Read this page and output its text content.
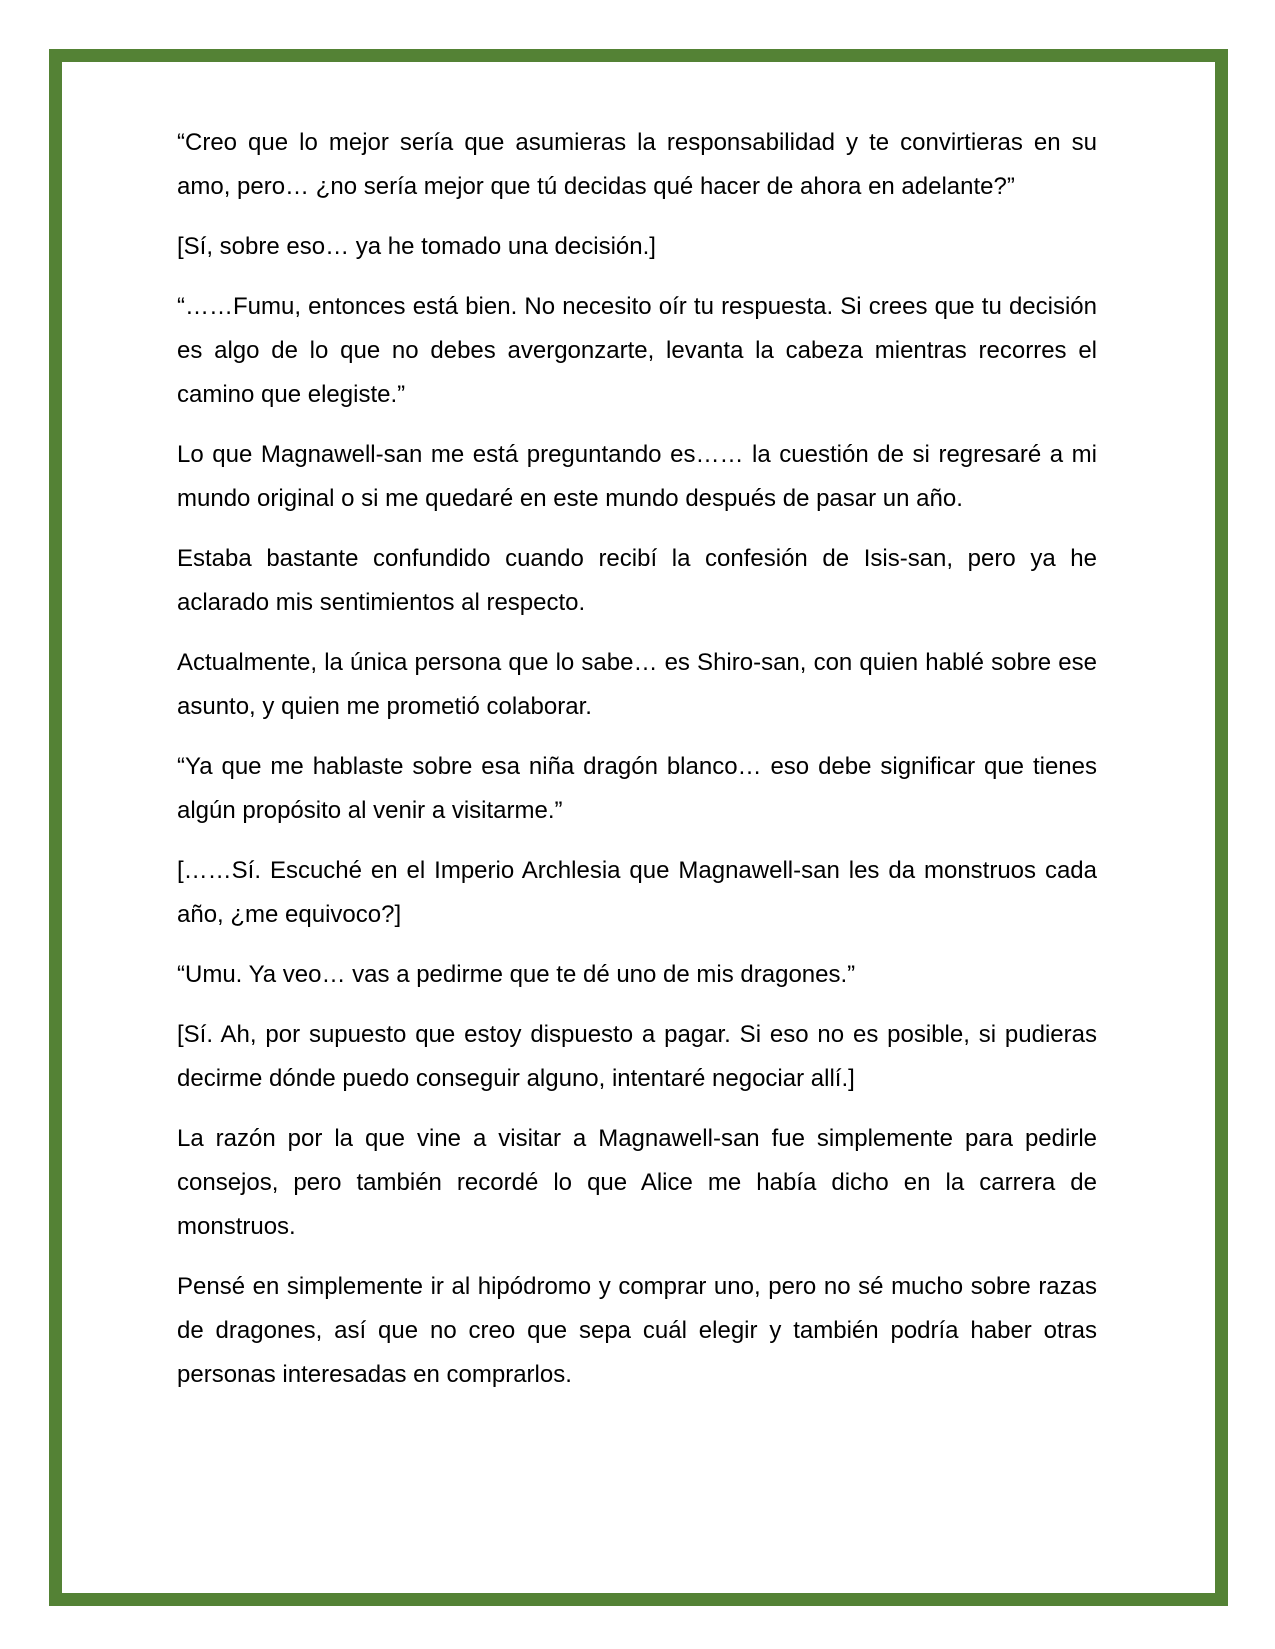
“Creo que lo mejor sería que asumieras la responsabilidad y te convirtieras en su amo, pero… ¿no sería mejor que tú decidas qué hacer de ahora en adelante?”

[Sí, sobre eso… ya he tomado una decisión.]

“……Fumu, entonces está bien. No necesito oír tu respuesta. Si crees que tu decisión es algo de lo que no debes avergonzarte, levanta la cabeza mientras recorres el camino que elegiste.”

Lo que Magnawell-san me está preguntando es…… la cuestión de si regresaré a mi mundo original o si me quedaré en este mundo después de pasar un año.

Estaba bastante confundido cuando recibí la confesión de Isis-san, pero ya he aclarado mis sentimientos al respecto.

Actualmente, la única persona que lo sabe… es Shiro-san, con quien hablé sobre ese asunto, y quien me prometió colaborar.

“Ya que me hablaste sobre esa niña dragón blanco… eso debe significar que tienes algún propósito al venir a visitarme.”

[……Sí. Escuché en el Imperio Archlesia que Magnawell-san les da monstruos cada año, ¿me equivoco?]

“Umu. Ya veo… vas a pedirme que te dé uno de mis dragones.”

[Sí. Ah, por supuesto que estoy dispuesto a pagar. Si eso no es posible, si pudieras decirme dónde puedo conseguir alguno, intentaré negociar allí.]

La razón por la que vine a visitar a Magnawell-san fue simplemente para pedirle consejos, pero también recordé lo que Alice me había dicho en la carrera de monstruos.

Pensé en simplemente ir al hipódromo y comprar uno, pero no sé mucho sobre razas de dragones, así que no creo que sepa cuál elegir y también podría haber otras personas interesadas en comprarlos.
